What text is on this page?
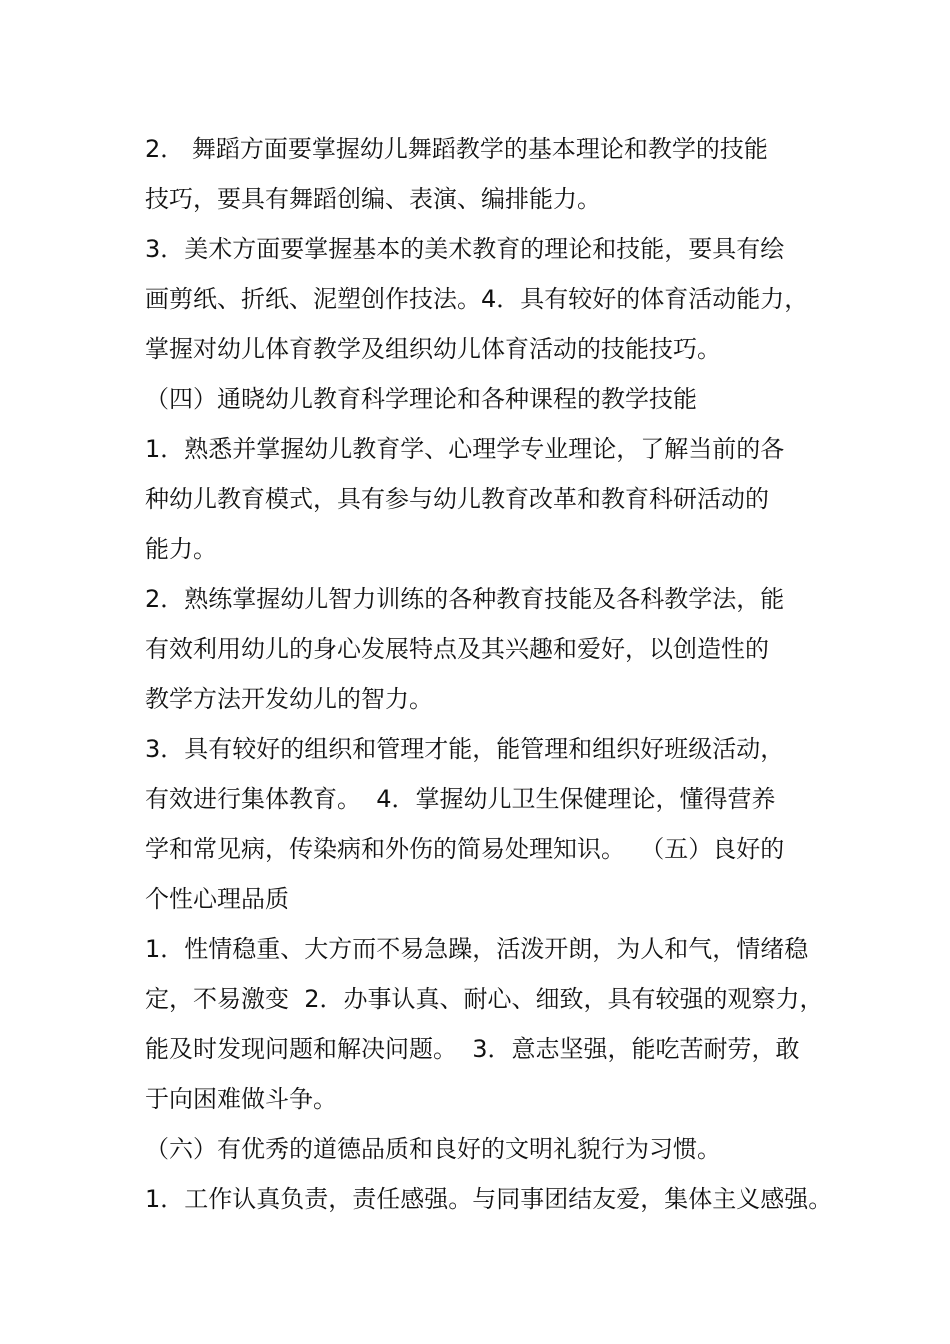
2． 舞蹈方面要掌握幼儿舞蹈教学的基本理论和教学的技能

技巧，要具有舞蹈创编、表演、编排能力。

3．美术方面要掌握基本的美术教育的理论和技能，要具有绘

画剪纸、折纸、泥塑创作技法。4．具有较好的体育活动能力，

掌握对幼儿体育教学及组织幼儿体育活动的技能技巧。

（四）通晓幼儿教育科学理论和各种课程的教学技能

1．熟悉并掌握幼儿教育学、心理学专业理论，了解当前的各

种幼儿教育模式，具有参与幼儿教育改革和教育科研活动的

能力。

2．熟练掌握幼儿智力训练的各种教育技能及各科教学法，能

有效利用幼儿的身心发展特点及其兴趣和爱好，以创造性的

教学方法开发幼儿的智力。

3．具有较好的组织和管理才能，能管理和组织好班级活动，

有效进行集体教育。  4．掌握幼儿卫生保健理论，懂得营养

学和常见病，传染病和外伤的简易处理知识。  （五）良好的

个性心理品质

1．性情稳重、大方而不易急躁，活泼开朗，为人和气，情绪稳

定，不易激变  2．办事认真、耐心、细致，具有较强的观察力，

能及时发现问题和解决问题。  3．意志坚强，能吃苦耐劳，敢

于向困难做斗争。

（六）有优秀的道德品质和良好的文明礼貌行为习惯。

1．工作认真负责，责任感强。与同事团结友爱，集体主义感强。
